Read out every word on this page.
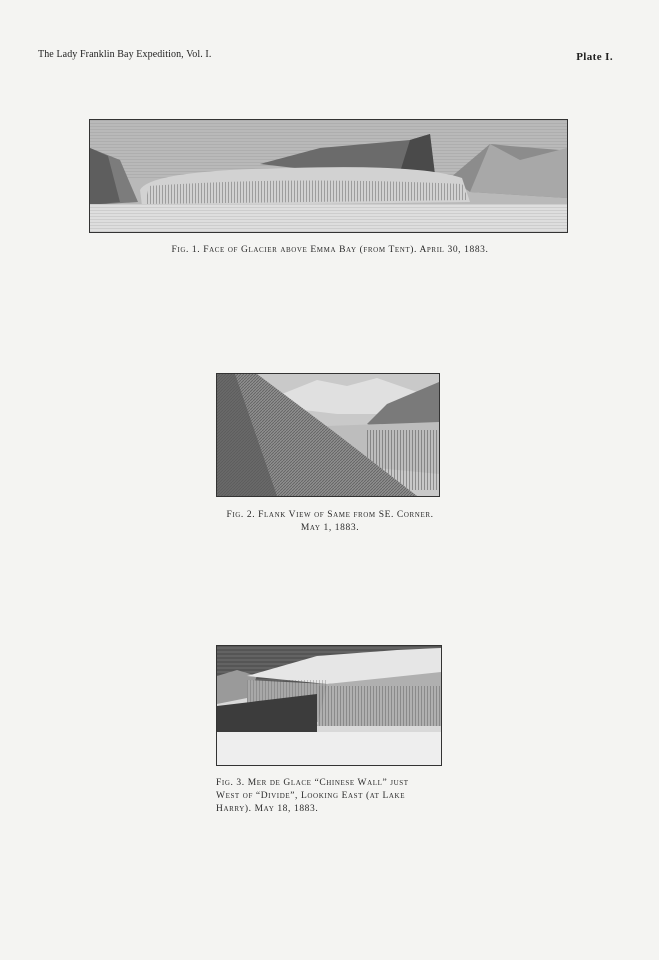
The Lady Franklin Bay Expedition, Vol. I.	Plate I.
Fig. 1. Face of Glacier above Emma Bay (from Tent). April 30, 1883.
Fig. 2. Flank View of Same from SE. Corner.
May 1, 1883.
Fig. 3. Mer de Glace “Chinese Wall” just
West of “Divide”, Looking East (at Lake
Harry). May 18, 1883.
